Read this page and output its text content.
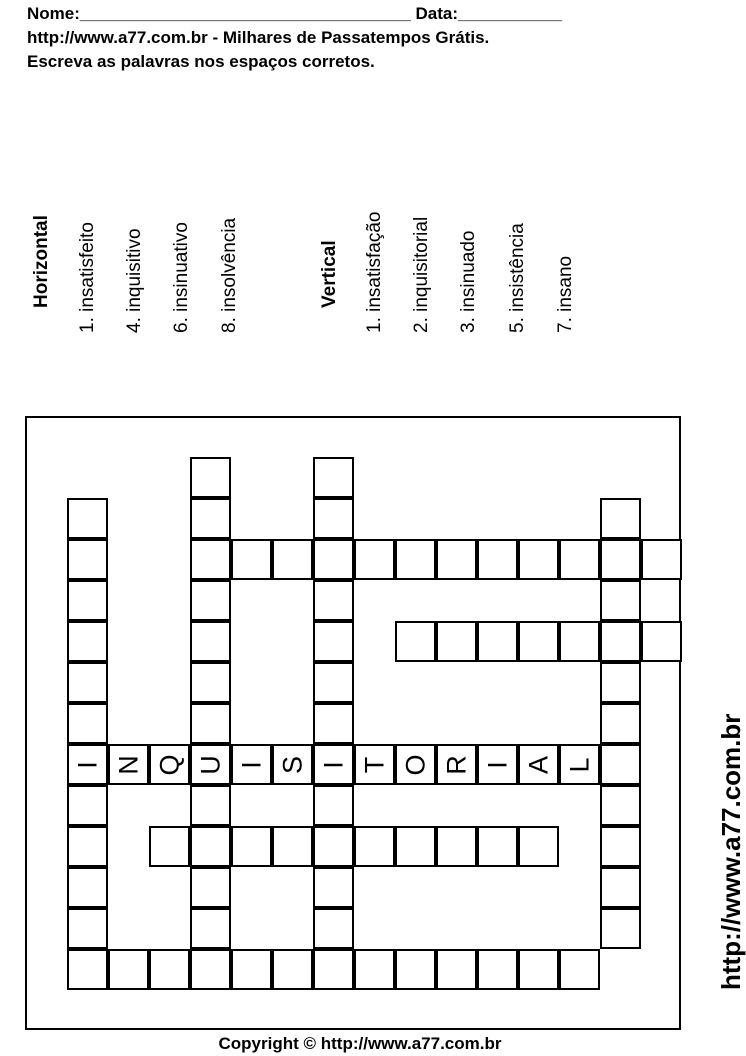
Nome:___________________________________ Data:___________
http://www.a77.com.br - Milhares de Passatempos Grátis.
Escreva as palavras nos espaços corretos.
Horizontal 1. insatisfeito 4. inquisitivo 6. insinuativo 8. insolvência	Vertical 1. insatisfação 2. inquisitorial 3. insinuado 5. insistência 7. insano
I	U	I
N Q I S T O R I A L	http://www.a77.com.br
Copyright © http://www.a77.com.br
